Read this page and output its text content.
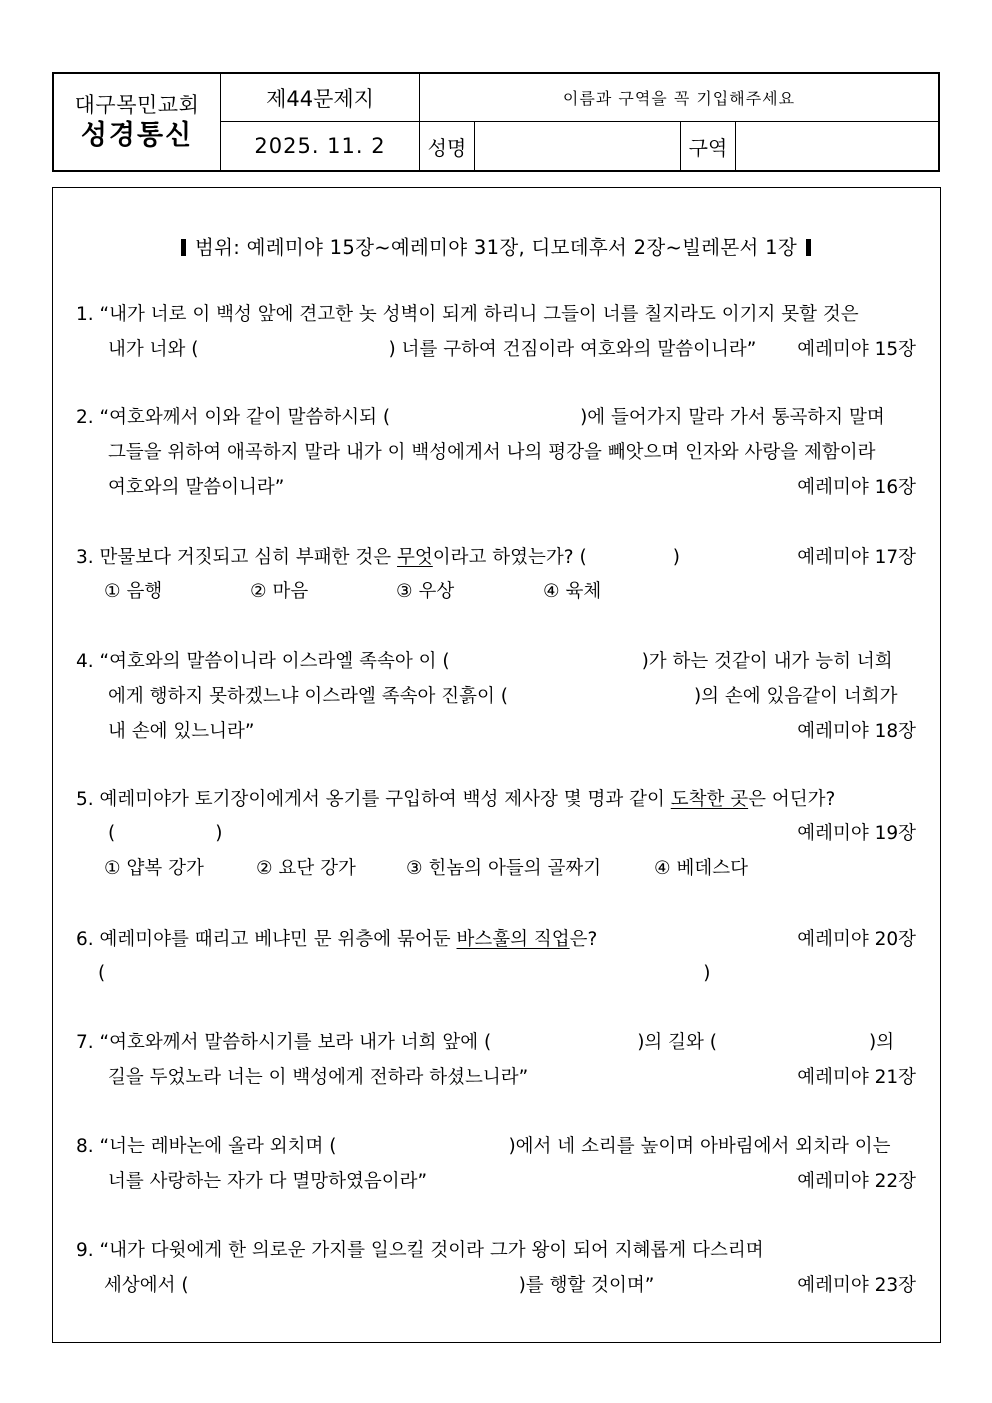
대구목민교회
성경통신
제44문제지
2025. 11. 2
이름과 구역을 꼭 기입해주세요
성명	구역
범위: 예레미야 15장~예레미야 31장, 디모데후서 2장~빌레몬서 1장
1. “내가 너로 이 백성 앞에 견고한 놋 성벽이 되게 하리니 그들이 너를 칠지라도 이기지 못할 것은
내가 너와 (	) 너를 구하여 건짐이라 여호와의 말씀이니라” 예레미야 15장
2. “여호와께서 이와 같이 말씀하시되 (	)에 들어가지 말라 가서 통곡하지 말며
그들을 위하여 애곡하지 말라 내가 이 백성에게서 나의 평강을 빼앗으며 인자와 사랑을 제함이라
여호와의 말씀이니라”	예레미야 16장
3. 만물보다 거짓되고 심히 부패한 것은 무엇이라고 하였는가? (	)	예레미야 17장
① 음행	② 마음	③ 우상	④ 육체
4. “여호와의 말씀이니라 이스라엘 족속아 이 (	)가 하는 것같이 내가 능히 너희
에게 행하지 못하겠느냐 이스라엘 족속아 진흙이 (	)의 손에 있음같이 너희가
내 손에 있느니라”	예레미야 18장
5. 예레미야가 토기장이에게서 옹기를 구입하여 백성 제사장 몇 명과 같이 도착한 곳은 어딘가?
(	)	예레미야 19장
① 얍복 강가	② 요단 강가	③ 힌놈의 아들의 골짜기	④ 베데스다
6. 예레미야를 때리고 베냐민 문 위층에 묶어둔 바스훌의 직업은?	예레미야 20장
(	)
7. “여호와께서 말씀하시기를 보라 내가 너희 앞에 (	)의 길와 (	)의
길을 두었노라 너는 이 백성에게 전하라 하셨느니라”	예레미야 21장
8. “너는 레바논에 올라 외치며 (	)에서 네 소리를 높이며 아바림에서 외치라 이는
너를 사랑하는 자가 다 멸망하였음이라”	예레미야 22장
9. “내가 다윗에게 한 의로운 가지를 일으킬 것이라 그가 왕이 되어 지혜롭게 다스리며
세상에서 (	)를 행할 것이며”	예레미야 23장
